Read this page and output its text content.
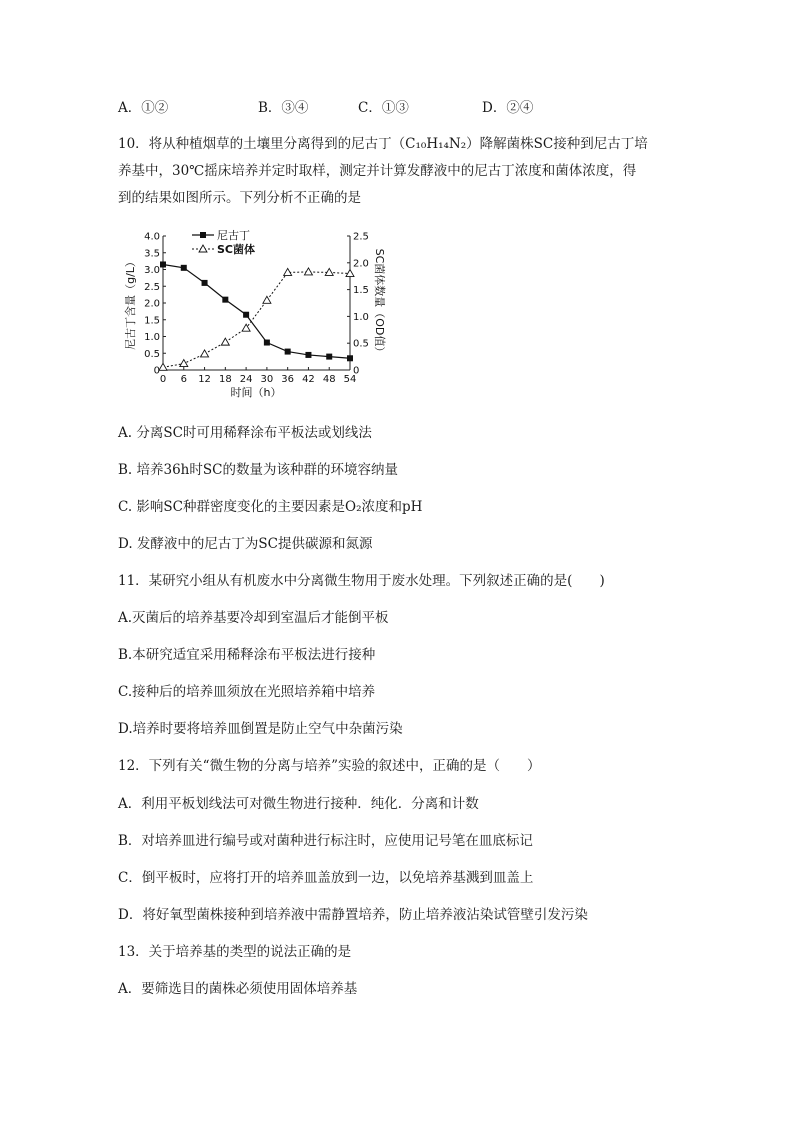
A．①②	B．③④	C．①③	D．②④
10．将从种植烟草的土壤里分离得到的尼古丁（C₁₀H₁₄N₂）降解菌株SC接种到尼古丁培
养基中，30℃摇床培养并定时取样，测定并计算发酵液中的尼古丁浓度和菌体浓度，得
到的结果如图所示。下列分析不正确的是
0
0.5
1.0
1.5
2.0
2.5
3.0
3.5
4.0
0
0.5
1.0
1.5
2.0
2.5
0 6 12 18 24 30 36 42 48 54
尼古丁
SC菌体
尼古丁含量（g/L）	SC菌体数量（OD值）
时间（h）
A. 分离SC时可用稀释涂布平板法或划线法
B. 培养36h时SC的数量为该种群的环境容纳量
C. 影响SC种群密度变化的主要因素是O₂浓度和pH
D. 发酵液中的尼古丁为SC提供碳源和氮源
11．某研究小组从有机废水中分离微生物用于废水处理。下列叙述正确的是(　　)
A.灭菌后的培养基要冷却到室温后才能倒平板
B.本研究适宜采用稀释涂布平板法进行接种
C.接种后的培养皿须放在光照培养箱中培养
D.培养时要将培养皿倒置是防止空气中杂菌污染
12．下列有关“微生物的分离与培养”实验的叙述中，正确的是（　　）
A．利用平板划线法可对微生物进行接种．纯化．分离和计数
B．对培养皿进行编号或对菌种进行标注时，应使用记号笔在皿底标记
C．倒平板时，应将打开的培养皿盖放到一边，以免培养基溅到皿盖上
D．将好氧型菌株接种到培养液中需静置培养，防止培养液沾染试管壁引发污染
13．关于培养基的类型的说法正确的是
A．要筛选目的菌株必须使用固体培养基
